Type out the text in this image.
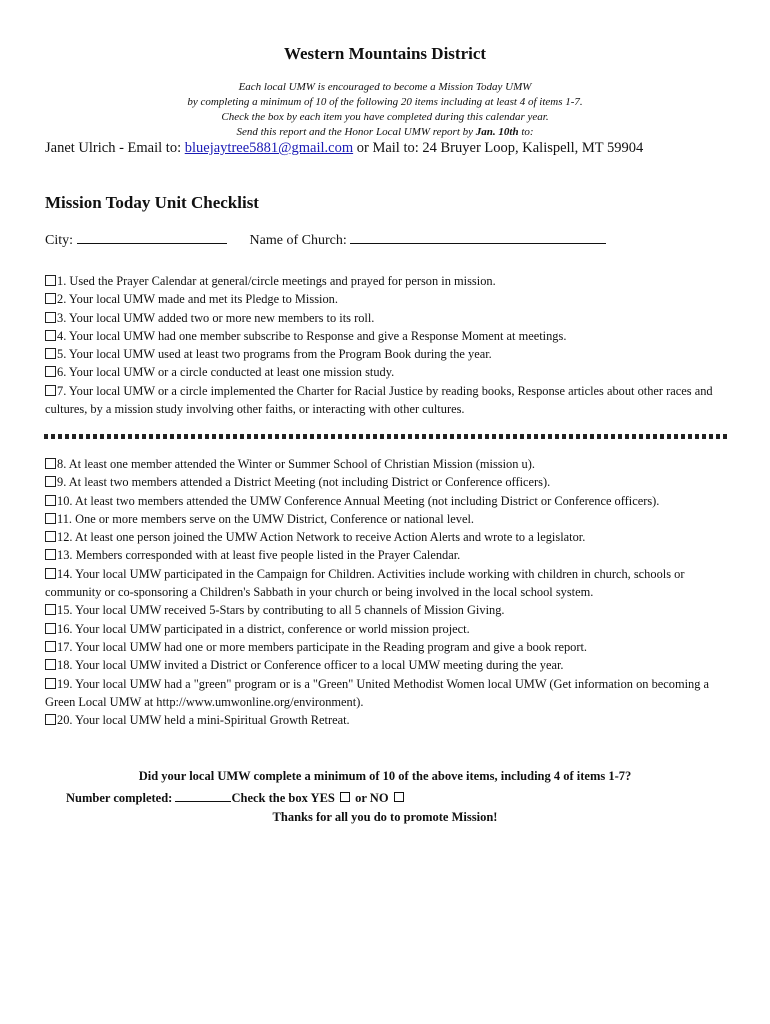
Western Mountains District
Each local UMW is encouraged to become a Mission Today UMW
by completing a minimum of 10 of the following 20 items including at least 4 of items 1-7.
Check the box by each item you have completed during this calendar year.
Send this report and the Honor Local UMW report by Jan. 10th to:
Janet Ulrich - Email to: bluejaytree5881@gmail.com or Mail to: 24 Bruyer Loop, Kalispell, MT 59904
Mission Today Unit Checklist
City:	Name of Church:
1. Used the Prayer Calendar at general/circle meetings and prayed for person in mission.
2. Your local UMW made and met its Pledge to Mission.
3. Your local UMW added two or more new members to its roll.
4. Your local UMW had one member subscribe to Response and give a Response Moment at meetings.
5. Your local UMW used at least two programs from the Program Book during the year.
6. Your local UMW or a circle conducted at least one mission study.
7. Your local UMW or a circle implemented the Charter for Racial Justice by reading books, Response articles about other races and cultures, by a mission study involving other faiths, or interacting with other cultures.
8. At least one member attended the Winter or Summer School of Christian Mission (mission u).
9. At least two members attended a District Meeting (not including District or Conference officers).
10. At least two members attended the UMW Conference Annual Meeting (not including District or Conference officers).
11. One or more members serve on the UMW District, Conference or national level.
12. At least one person joined the UMW Action Network to receive Action Alerts and wrote to a legislator.
13. Members corresponded with at least five people listed in the Prayer Calendar.
14. Your local UMW participated in the Campaign for Children. Activities include working with children in church, schools or community or co-sponsoring a Children's Sabbath in your church or being involved in the local school system.
15. Your local UMW received 5-Stars by contributing to all 5 channels of Mission Giving.
16. Your local UMW participated in a district, conference or world mission project.
17. Your local UMW had one or more members participate in the Reading program and give a book report.
18. Your local UMW invited a District or Conference officer to a local UMW meeting during the year.
19. Your local UMW had a "green" program or is a "Green" United Methodist Women local UMW (Get information on becoming a Green Local UMW at http://www.umwonline.org/environment).
20. Your local UMW held a mini-Spiritual Growth Retreat.
Did your local UMW complete a minimum of 10 of the above items, including 4 of items 1-7?
Number completed:	Check the box YES  or NO
Thanks for all you do to promote Mission!
